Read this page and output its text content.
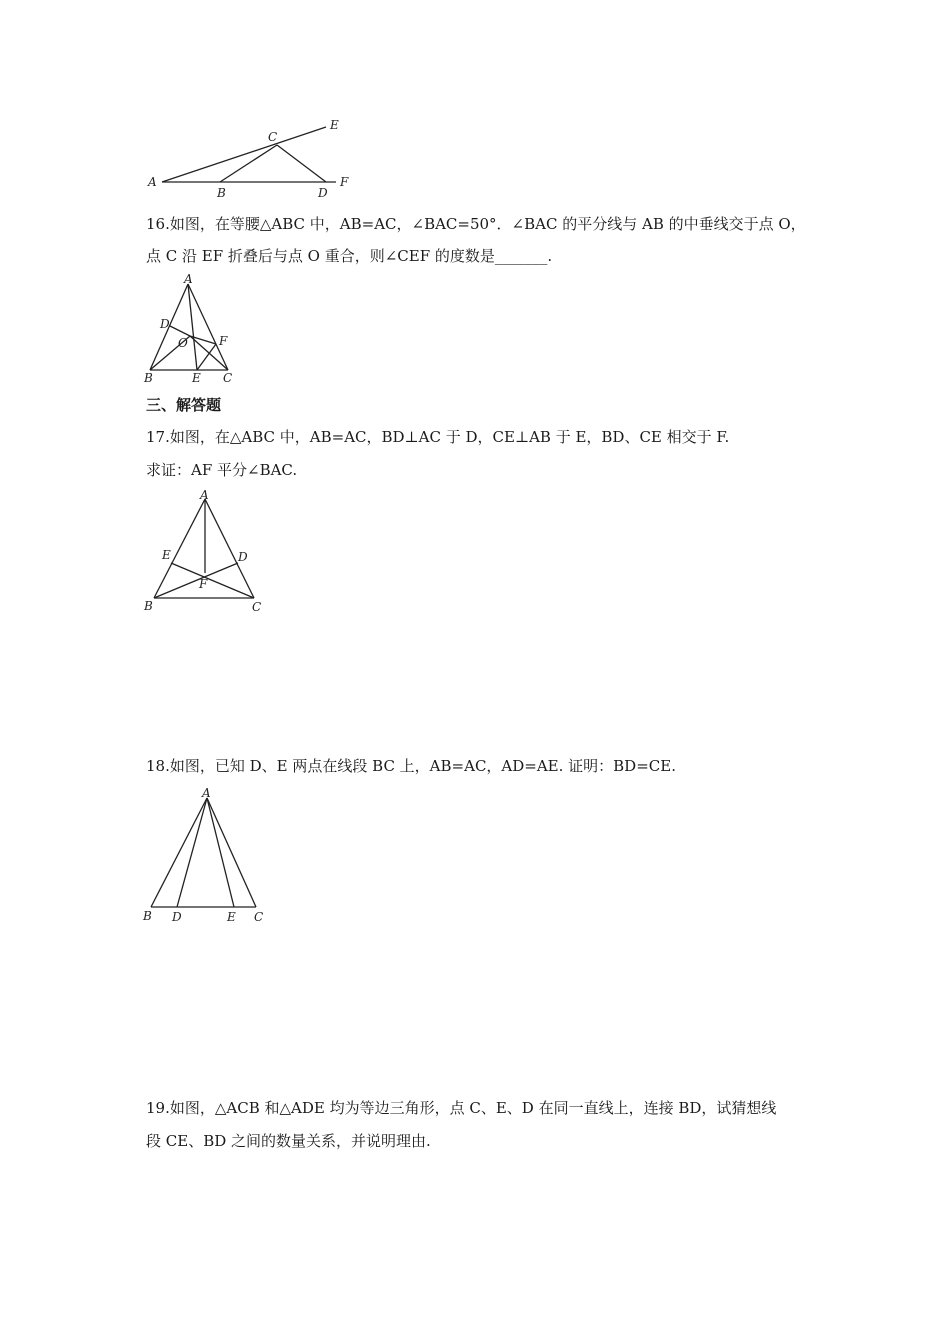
A
B
C
D
E
F
16.如图，在等腰△ABC 中，AB=AC，∠BAC=50°．∠BAC 的平分线与 AB 的中垂线交于点 O，
点 C 沿 EF 折叠后与点 O 重合，则∠CEF 的度数是_______.
A
D
O	F
B	E C
三、解答题
17.如图，在△ABC 中，AB=AC，BD⊥AC 于 D，CE⊥AB 于 E，BD、CE 相交于 F.
求证：AF 平分∠BAC.
A
E	D
F
B	C
18.如图，已知 D、E 两点在线段 BC 上，AB=AC，AD=AE. 证明：BD=CE.
A
B D	E C
19.如图，△ACB 和△ADE 均为等边三角形，点 C、E、D 在同一直线上，连接 BD，试猜想线
段 CE、BD 之间的数量关系，并说明理由.
